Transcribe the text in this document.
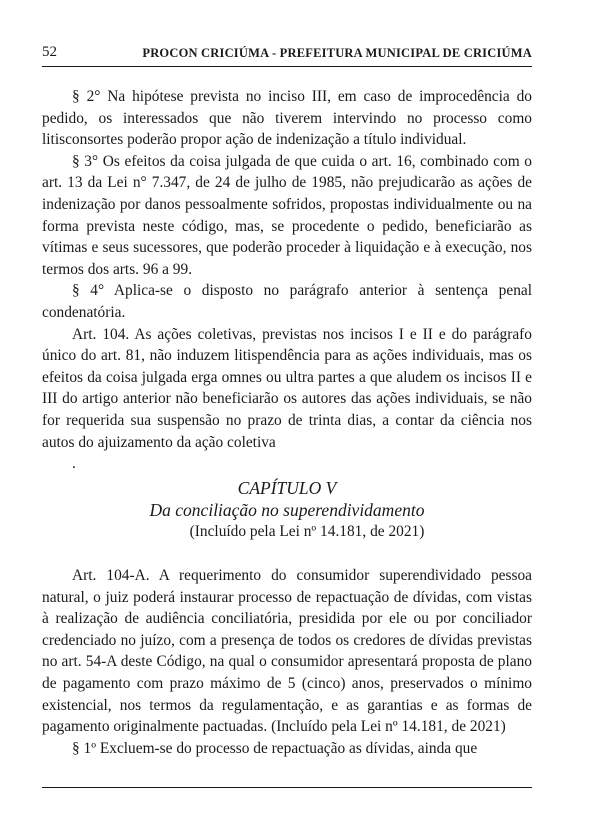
52	PROCON CRICIÚMA - PREFEITURA MUNICIPAL DE CRICIÚMA

§ 2° Na hipótese prevista no inciso III, em caso de improcedência do pedido, os interessados que não tiverem intervindo no processo como litisconsortes poderão propor ação de indenização a título individual.

§ 3° Os efeitos da coisa julgada de que cuida o art. 16, combinado com o art. 13 da Lei n° 7.347, de 24 de julho de 1985, não prejudicarão as ações de indenização por danos pessoalmente sofridos, propostas individualmente ou na forma prevista neste código, mas, se procedente o pedido, beneficiarão as vítimas e seus sucessores, que poderão proceder à liquidação e à execução, nos termos dos arts. 96 a 99.

§ 4° Aplica-se o disposto no parágrafo anterior à sentença penal condenatória.

Art. 104. As ações coletivas, previstas nos incisos I e II e do parágrafo único do art. 81, não induzem litispendência para as ações individuais, mas os efeitos da coisa julgada erga omnes ou ultra partes a que aludem os incisos II e III do artigo anterior não beneficiarão os autores das ações individuais, se não for requerida sua suspensão no prazo de trinta dias, a contar da ciência nos autos do ajuizamento da ação coletiva

.
CAPÍTULO V
Da conciliação no superendividamento
(Incluído pela Lei nº 14.181, de 2021)

Art. 104-A. A requerimento do consumidor superendividado pessoa natural, o juiz poderá instaurar processo de repactuação de dívidas, com vistas à realização de audiência conciliatória, presidida por ele ou por conciliador credenciado no juízo, com a presença de todos os credores de dívidas previstas no art. 54-A deste Código, na qual o consumidor apresentará proposta de plano de pagamento com prazo máximo de 5 (cinco) anos, preservados o mínimo existencial, nos termos da regulamentação, e as garantias e as formas de pagamento originalmente pactuadas. (Incluído pela Lei nº 14.181, de 2021)

§ 1º Excluem-se do processo de repactuação as dívidas, ainda que
